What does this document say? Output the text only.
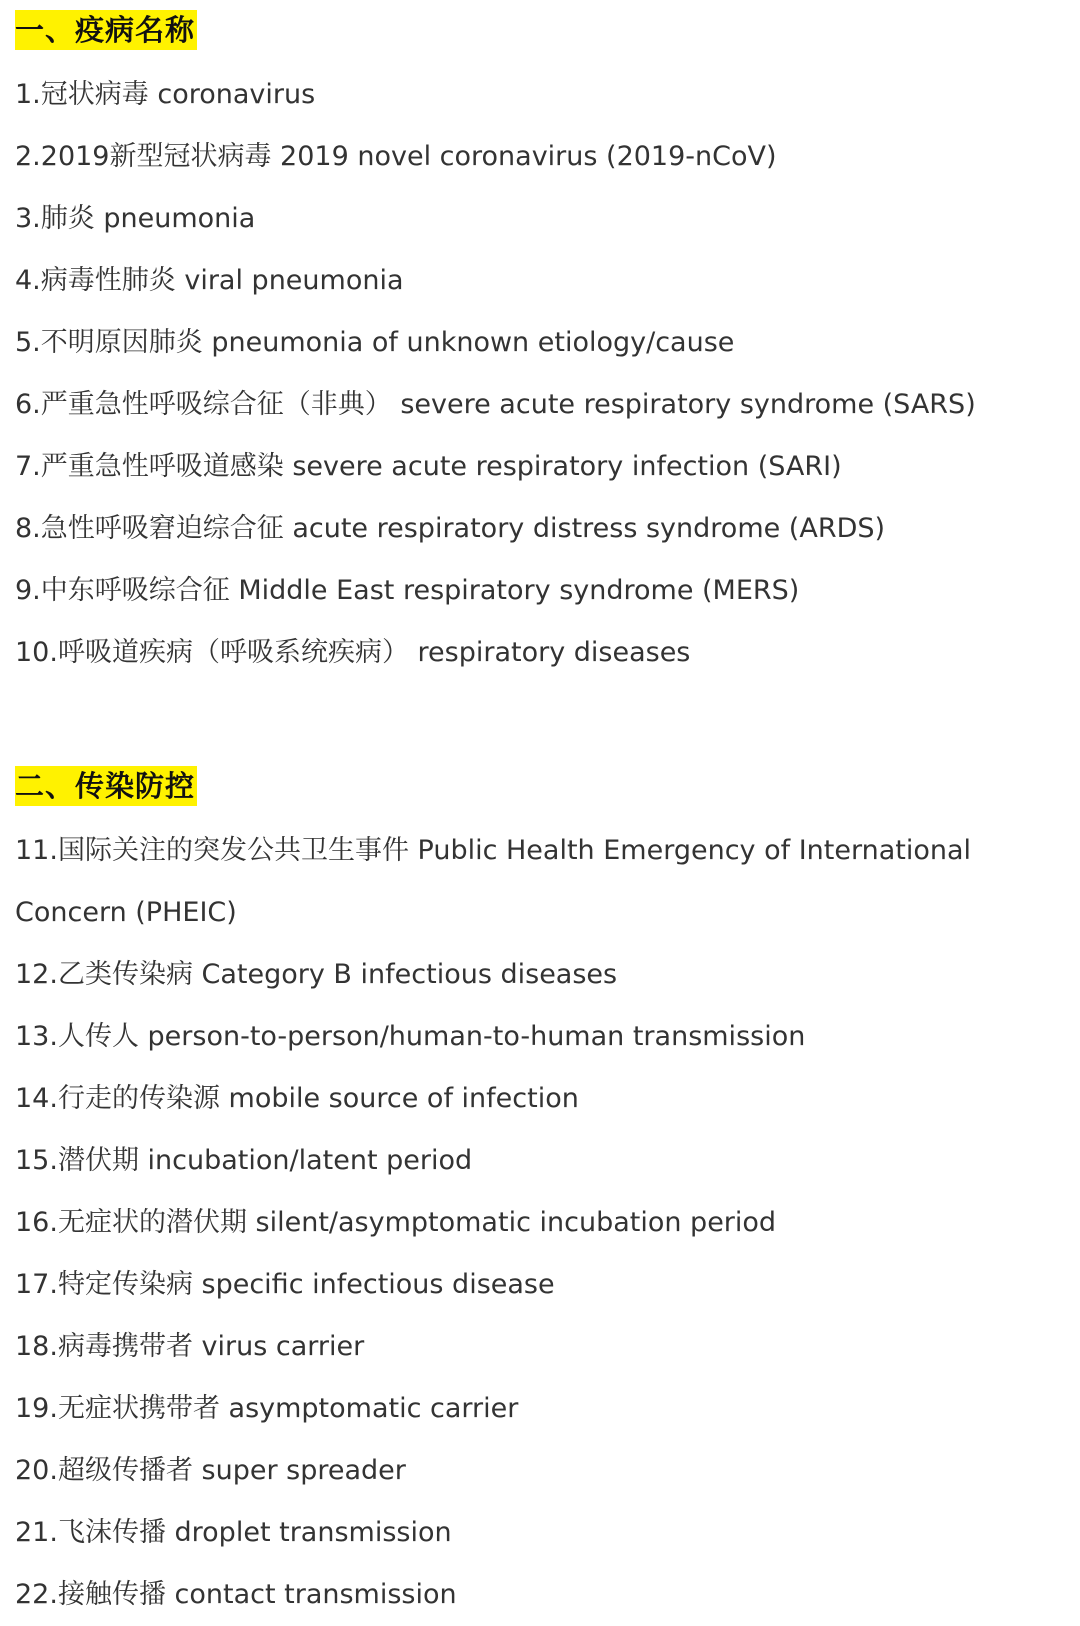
一、疫病名称
1.冠状病毒 coronavirus
2.2019新型冠状病毒 2019 novel coronavirus (2019-nCoV)
3.肺炎 pneumonia
4.病毒性肺炎 viral pneumonia
5.不明原因肺炎 pneumonia of unknown etiology/cause
6.严重急性呼吸综合征（非典） severe acute respiratory syndrome (SARS)
7.严重急性呼吸道感染 severe acute respiratory infection (SARI)
8.急性呼吸窘迫综合征 acute respiratory distress syndrome (ARDS)
9.中东呼吸综合征 Middle East respiratory syndrome (MERS)
10.呼吸道疾病（呼吸系统疾病） respiratory diseases
二、传染防控
11.国际关注的突发公共卫生事件 Public Health Emergency of International Concern (PHEIC)
12.乙类传染病 Category B infectious diseases
13.人传人 person-to-person/human-to-human transmission
14.行走的传染源 mobile source of infection
15.潜伏期 incubation/latent period
16.无症状的潜伏期 silent/asymptomatic incubation period
17.特定传染病 specific infectious disease
18.病毒携带者 virus carrier
19.无症状携带者 asymptomatic carrier
20.超级传播者 super spreader
21.飞沫传播 droplet transmission
22.接触传播 contact transmission
